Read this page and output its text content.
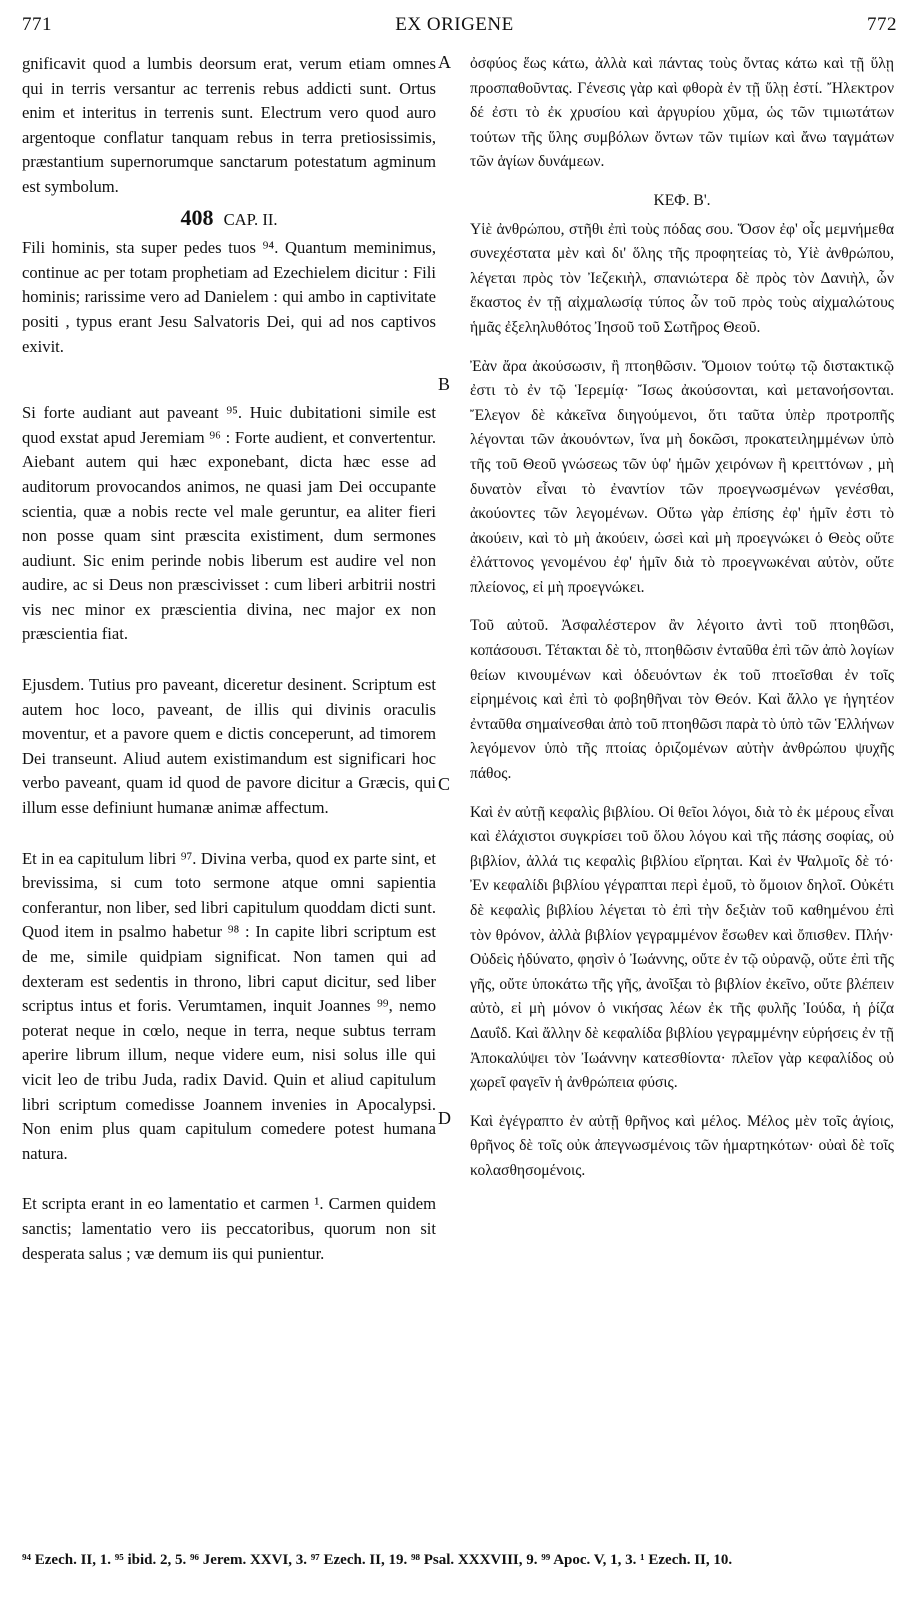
771	EX ORIGENE	772
A
B
C
D

gnificavit quod a lumbis deorsum erat, verum etiam omnes qui in terris versantur ac terrenis rebus addicti sunt. Ortus enim et interitus in terrenis sunt. Electrum vero quod auro argentoque conflatur tanquam rebus in terra pretiosissimis, præstantium supernorumque sanctarum potestatum agminum est symbolum.

408 CAP. II.

Fili hominis, sta super pedes tuos ⁹⁴. Quantum meminimus, continue ac per totam prophetiam ad Ezechielem dicitur : Fili hominis; rarissime vero ad Danielem : qui ambo in captivitate positi , typus erant Jesu Salvatoris Dei, qui ad nos captivos exivit.

Si forte audiant aut paveant ⁹⁵. Huic dubitationi simile est quod exstat apud Jeremiam ⁹⁶ : Forte audient, et convertentur. Aiebant autem qui hæc exponebant, dicta hæc esse ad auditorum provocandos animos, ne quasi jam Dei occupante scientia, quæ a nobis recte vel male geruntur, ea aliter fieri non posse quam sint præscita existiment, dum sermones audiunt. Sic enim perinde nobis liberum est audire vel non audire, ac si Deus non præscivisset : cum liberi arbitrii nostri vis nec minor ex præscientia divina, nec major ex non præscientia fiat.

Ejusdem. Tutius pro paveant, diceretur desinent. Scriptum est autem hoc loco, paveant, de illis qui divinis oraculis moventur, et a pavore quem e dictis conceperunt, ad timorem Dei transeunt. Aliud autem existimandum est significari hoc verbo paveant, quam id quod de pavore dicitur a Græcis, qui illum esse definiunt humanæ animæ affectum.

Et in ea capitulum libri ⁹⁷. Divina verba, quod ex parte sint, et brevissima, si cum toto sermone atque omni sapientia conferantur, non liber, sed libri capitulum quoddam dicti sunt. Quod item in psalmo habetur ⁹⁸ : In capite libri scriptum est de me, simile quidpiam significat. Non tamen qui ad dexteram est sedentis in throno, libri caput dicitur, sed liber scriptus intus et foris. Verumtamen, inquit Joannes ⁹⁹, nemo poterat neque in cœlo, neque in terra, neque subtus terram aperire librum illum, neque videre eum, nisi solus ille qui vicit leo de tribu Juda, radix David. Quin et aliud capitulum libri scriptum comedisse Joannem invenies in Apocalypsi. Non enim plus quam capitulum comedere potest humana natura.

Et scripta erant in eo lamentatio et carmen ¹. Carmen quidem sanctis; lamentatio vero iis peccatoribus, quorum non sit desperata salus ; væ demum iis qui punientur.

ὀσφύος ἕως κάτω, ἀλλὰ καὶ πάντας τοὺς ὄντας κάτω καὶ τῇ ὕλῃ προσπαθοῦντας. Γένεσις γὰρ καὶ φθορὰ ἐν τῇ ὕλῃ ἐστί. Ἤλεκτρον δέ ἐστι τὸ ἐκ χρυσίου καὶ ἀργυρίου χῦμα, ὡς τῶν τιμιωτάτων τούτων τῆς ὕλης συμβόλων ὄντων τῶν τιμίων καὶ ἄνω ταγμάτων τῶν ἁγίων δυνάμεων.

ΚΕΦ. Β'.

Υἱὲ ἀνθρώπου, στῆθι ἐπὶ τοὺς πόδας σου. Ὅσον ἐφ' οἷς μεμνήμεθα συνεχέστατα μὲν καὶ δι' ὅλης τῆς προφητείας τὸ, Υἱὲ ἀνθρώπου, λέγεται πρὸς τὸν Ἰεζεκιὴλ, σπανιώτερα δὲ πρὸς τὸν Δανιὴλ, ὧν ἕκαστος ἐν τῇ αἰχμαλωσίᾳ τύπος ὧν τοῦ πρὸς τοὺς αἰχμαλώτους ἡμᾶς ἐξεληλυθότος Ἰησοῦ τοῦ Σωτῆρος Θεοῦ.

Ἐὰν ἄρα ἀκούσωσιν, ἢ πτοηθῶσιν. Ὅμοιον τούτῳ τῷ διστακτικῷ ἐστι τὸ ἐν τῷ Ἱερεμίᾳ· Ἴσως ἀκούσονται, καὶ μετανοήσονται. Ἔλεγον δὲ κἀκεῖνα διηγούμενοι, ὅτι ταῦτα ὑπὲρ προτροπῆς λέγονται τῶν ἀκουόντων, ἵνα μὴ δοκῶσι, προκατειλημμένων ὑπὸ τῆς τοῦ Θεοῦ γνώσεως τῶν ὑφ' ἡμῶν χειρόνων ἢ κρειττόνων , μὴ δυνατὸν εἶναι τὸ ἐναντίον τῶν προεγνωσμένων γενέσθαι, ἀκούοντες τῶν λεγομένων. Οὕτω γὰρ ἐπίσης ἐφ' ἡμῖν ἐστι τὸ ἀκούειν, καὶ τὸ μὴ ἀκούειν, ὡσεὶ καὶ μὴ προεγνώκει ὁ Θεὸς οὔτε ἐλάττονος γενομένου ἐφ' ἡμῖν διὰ τὸ προεγνωκέναι αὐτὸν, οὔτε πλείονος, εἰ μὴ προεγνώκει.

Τοῦ αὐτοῦ. Ἀσφαλέστερον ἂν λέγοιτο ἀντὶ τοῦ πτοηθῶσι, κοπάσουσι. Τέτακται δὲ τὸ, πτοηθῶσιν ἐνταῦθα ἐπὶ τῶν ἀπὸ λογίων θείων κινουμένων καὶ ὁδευόντων ἐκ τοῦ πτοεῖσθαι ἐν τοῖς εἰρημένοις καὶ ἐπὶ τὸ φοβηθῆναι τὸν Θεόν. Καὶ ἄλλο γε ἡγητέον ἐνταῦθα σημαίνεσθαι ἀπὸ τοῦ πτοηθῶσι παρὰ τὸ ὑπὸ τῶν Ἑλλήνων λεγόμενον ὑπὸ τῆς πτοίας ὁριζομένων αὐτὴν ἀνθρώπου ψυχῆς πάθος.

Καὶ ἐν αὐτῇ κεφαλὶς βιβλίου. Οἱ θεῖοι λόγοι, διὰ τὸ ἐκ μέρους εἶναι καὶ ἐλάχιστοι συγκρίσει τοῦ ὅλου λόγου καὶ τῆς πάσης σοφίας, οὐ βιβλίον, ἀλλά τις κεφαλὶς βιβλίου εἴρηται. Καὶ ἐν Ψαλμοῖς δὲ τό· Ἐν κεφαλίδι βιβλίου γέγραπται περὶ ἐμοῦ, τὸ ὅμοιον δηλοῖ. Οὐκέτι δὲ κεφαλὶς βιβλίου λέγεται τὸ ἐπὶ τὴν δεξιὰν τοῦ καθημένου ἐπὶ τὸν θρόνον, ἀλλὰ βιβλίον γεγραμμένον ἔσωθεν καὶ ὄπισθεν. Πλήν· Οὐδεὶς ἠδύνατο, φησὶν ὁ Ἰωάννης, οὔτε ἐν τῷ οὐρανῷ, οὔτε ἐπὶ τῆς γῆς, οὔτε ὑποκάτω τῆς γῆς, ἀνοῖξαι τὸ βιβλίον ἐκεῖνο, οὔτε βλέπειν αὐτὸ, εἰ μὴ μόνον ὁ νικήσας λέων ἐκ τῆς φυλῆς Ἰούδα, ἡ ῥίζα Δαυΐδ. Καὶ ἄλλην δὲ κεφαλίδα βιβλίου γεγραμμένην εὑρήσεις ἐν τῇ Ἀποκαλύψει τὸν Ἰωάννην κατεσθίοντα· πλεῖον γὰρ κεφαλίδος οὐ χωρεῖ φαγεῖν ἡ ἀνθρώπεια φύσις.

Καὶ ἐγέγραπτο ἐν αὐτῇ θρῆνος καὶ μέλος. Μέλος μὲν τοῖς ἁγίοις, θρῆνος δὲ τοῖς οὐκ ἀπεγνωσμένοις τῶν ἡμαρτηκότων· οὐαὶ δὲ τοῖς κολασθησομένοις.

⁹⁴ Ezech. II, 1. ⁹⁵ ibid. 2, 5. ⁹⁶ Jerem. XXVI, 3. ⁹⁷ Ezech. II, 19. ⁹⁸ Psal. XXXVIII, 9. ⁹⁹ Apoc. V, 1, 3. ¹ Ezech. II, 10.
